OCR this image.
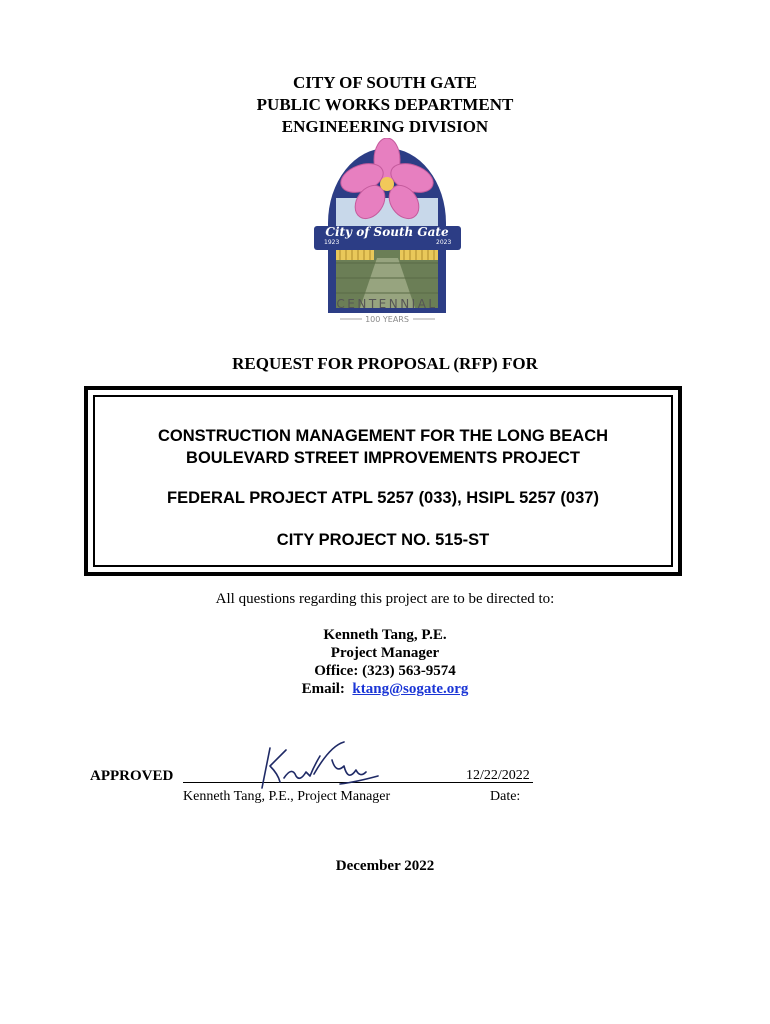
CITY OF SOUTH GATE
PUBLIC WORKS DEPARTMENT
ENGINEERING DIVISION
City of South Gate
1923	2023
CENTENNIAL
100 YEARS
REQUEST FOR PROPOSAL (RFP) FOR
CONSTRUCTION MANAGEMENT FOR THE LONG BEACH
BOULEVARD STREET IMPROVEMENTS PROJECT
FEDERAL PROJECT ATPL 5257 (033), HSIPL 5257 (037)
CITY PROJECT NO. 515-ST
All questions regarding this project are to be directed to:
Kenneth Tang, P.E.
Project Manager
Office: (323) 563-9574
Email: ktang@sogate.org
APPROVED	12/22/2022
Kenneth Tang, P.E., Project Manager	Date:
December 2022
